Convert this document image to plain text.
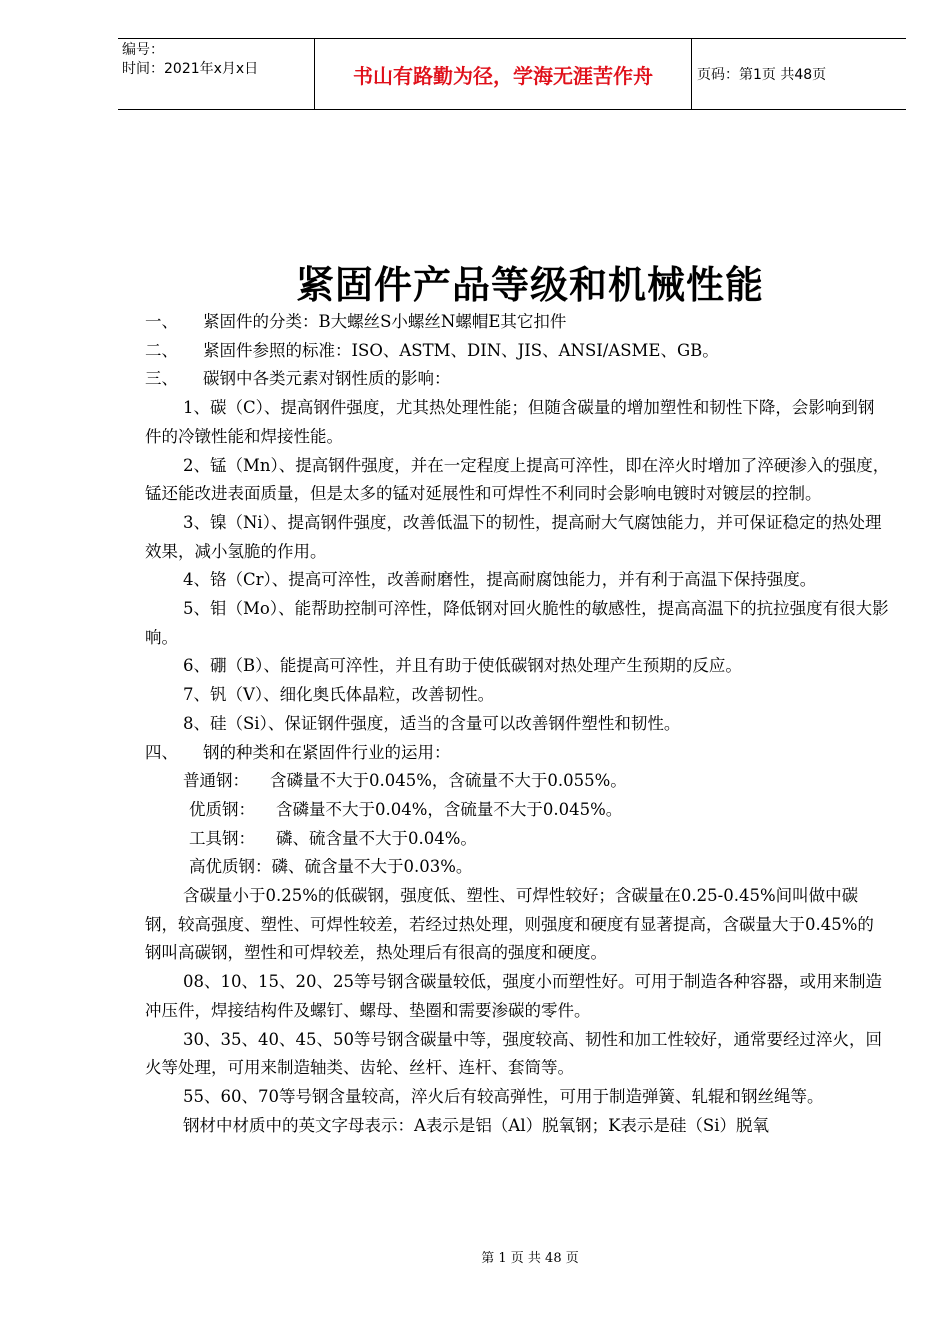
编号：
时间：2021年x月x日	书山有路勤为径，学海无涯苦作舟	页码：第1页 共48页
紧固件产品等级和机械性能
一、	紧固件的分类：B大螺丝S小螺丝N螺帽E其它扣件
二、	紧固件参照的标准：ISO、ASTM、DIN、JIS、ANSI/ASME、GB。
三、	碳钢中各类元素对钢性质的影响：

1、碳（C）、提高钢件强度，尤其热处理性能；但随含碳量的增加塑性和韧性下降，会影响到钢件的冷镦性能和焊接性能。

2、锰（Mn）、提高钢件强度，并在一定程度上提高可淬性，即在淬火时增加了淬硬渗入的强度，锰还能改进表面质量，但是太多的锰对延展性和可焊性不利同时会影响电镀时对镀层的控制。

3、镍（Ni）、提高钢件强度，改善低温下的韧性，提高耐大气腐蚀能力，并可保证稳定的热处理效果，减小氢脆的作用。

4、铬（Cr）、提高可淬性，改善耐磨性，提高耐腐蚀能力，并有利于高温下保持强度。

5、钼（Mo）、能帮助控制可淬性，降低钢对回火脆性的敏感性，提高高温下的抗拉强度有很大影响。

6、硼（B）、能提高可淬性，并且有助于使低碳钢对热处理产生预期的反应。

7、钒（V）、细化奥氏体晶粒，改善韧性。

8、硅（Si）、保证钢件强度，适当的含量可以改善钢件塑性和韧性。

四、	钢的种类和在紧固件行业的运用：

普通钢：    含磷量不大于0.045%，含硫量不大于0.055%。

优质钢：    含磷量不大于0.04%，含硫量不大于0.045%。

工具钢：    磷、硫含量不大于0.04%。

高优质钢：磷、硫含量不大于0.03%。

含碳量小于0.25%的低碳钢，强度低、塑性、可焊性较好；含碳量在0.25-0.45%间叫做中碳钢，较高强度、塑性、可焊性较差，若经过热处理，则强度和硬度有显著提高，含碳量大于0.45%的钢叫高碳钢，塑性和可焊较差，热处理后有很高的强度和硬度。

08、10、15、20、25等号钢含碳量较低，强度小而塑性好。可用于制造各种容器，或用来制造冲压件，焊接结构件及螺钉、螺母、垫圈和需要渗碳的零件。

30、35、40、45、50等号钢含碳量中等，强度较高、韧性和加工性较好，通常要经过淬火，回火等处理，可用来制造轴类、齿轮、丝杆、连杆、套筒等。

55、60、70等号钢含量较高，淬火后有较高弹性，可用于制造弹簧、轧辊和钢丝绳等。

钢材中材质中的英文字母表示：A表示是铝（Al）脱氧钢；K表示是硅（Si）脱氧

第 1 页 共 48 页
